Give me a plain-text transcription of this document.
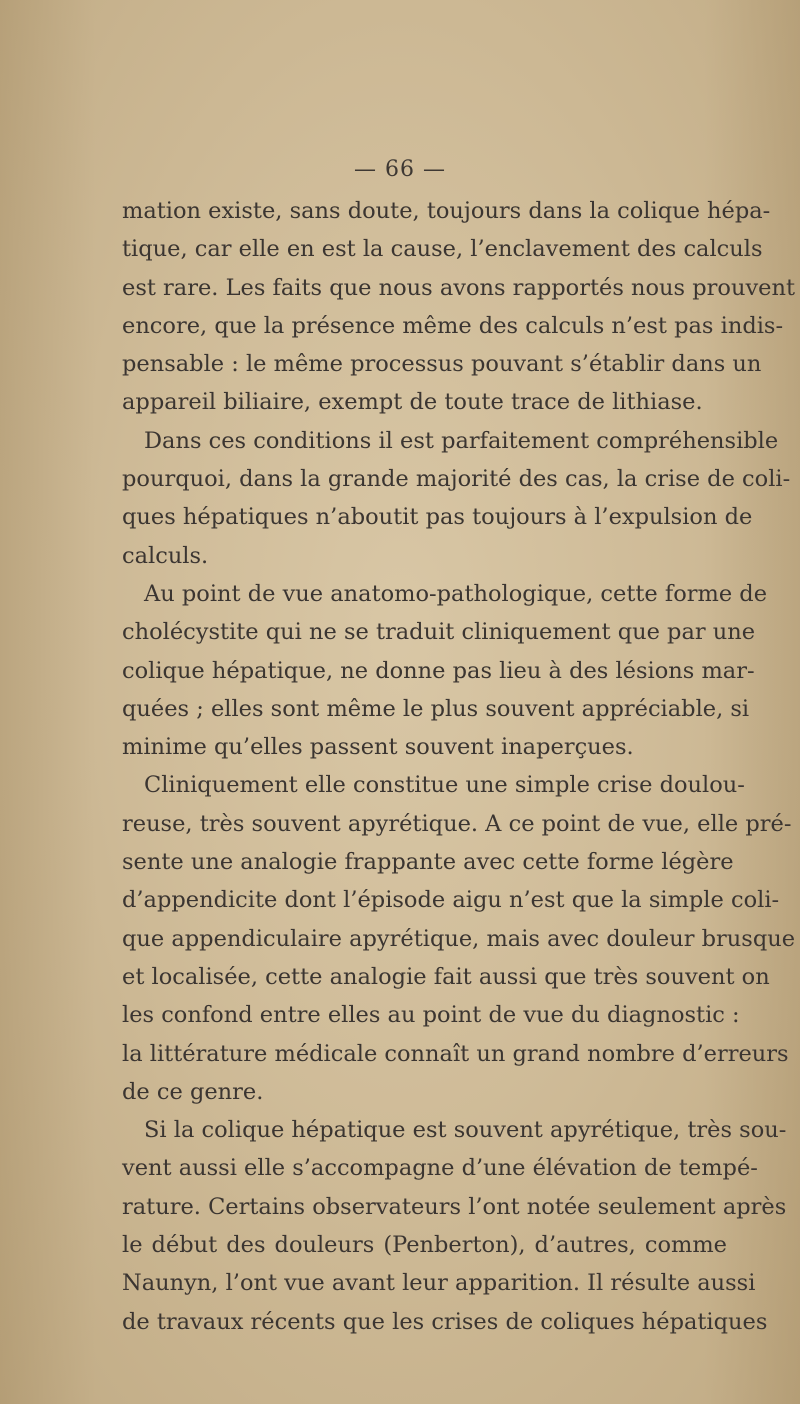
— 66 —
mation existe, sans doute, toujours dans la colique hépa-
tique, car elle en est la cause, l’enclavement des calculs
est rare. Les faits que nous avons rapportés nous prouvent
encore, que la présence même des calculs n’est pas indis-
pensable : le même processus pouvant s’établir dans un
appareil biliaire, exempt de toute trace de lithiase.
Dans ces conditions il est parfaitement compréhensible
pourquoi, dans la grande majorité des cas, la crise de coli-
ques hépatiques n’aboutit pas toujours à l’expulsion de
calculs.
Au point de vue anatomo-pathologique, cette forme de
cholécystite qui ne se traduit cliniquement que par une
colique hépatique, ne donne pas lieu à des lésions mar-
quées ; elles sont même le plus souvent appréciable, si
minime qu’elles passent souvent inaperçues.
Cliniquement elle constitue une simple crise doulou-
reuse, très souvent apyrétique. A ce point de vue, elle pré-
sente une analogie frappante avec cette forme légère
d’appendicite dont l’épisode aigu n’est que la simple coli-
que appendiculaire apyrétique, mais avec douleur brusque
et localisée, cette analogie fait aussi que très souvent on
les confond entre elles au point de vue du diagnostic :
la littérature médicale connaît un grand nombre d’erreurs
de ce genre.
Si la colique hépatique est souvent apyrétique, très sou-
vent aussi elle s’accompagne d’une élévation de tempé-
rature. Certains observateurs l’ont notée seulement après
le début des douleurs (Penberton), d’autres, comme
Naunyn, l’ont vue avant leur apparition. Il résulte aussi
de travaux récents que les crises de coliques hépatiques
